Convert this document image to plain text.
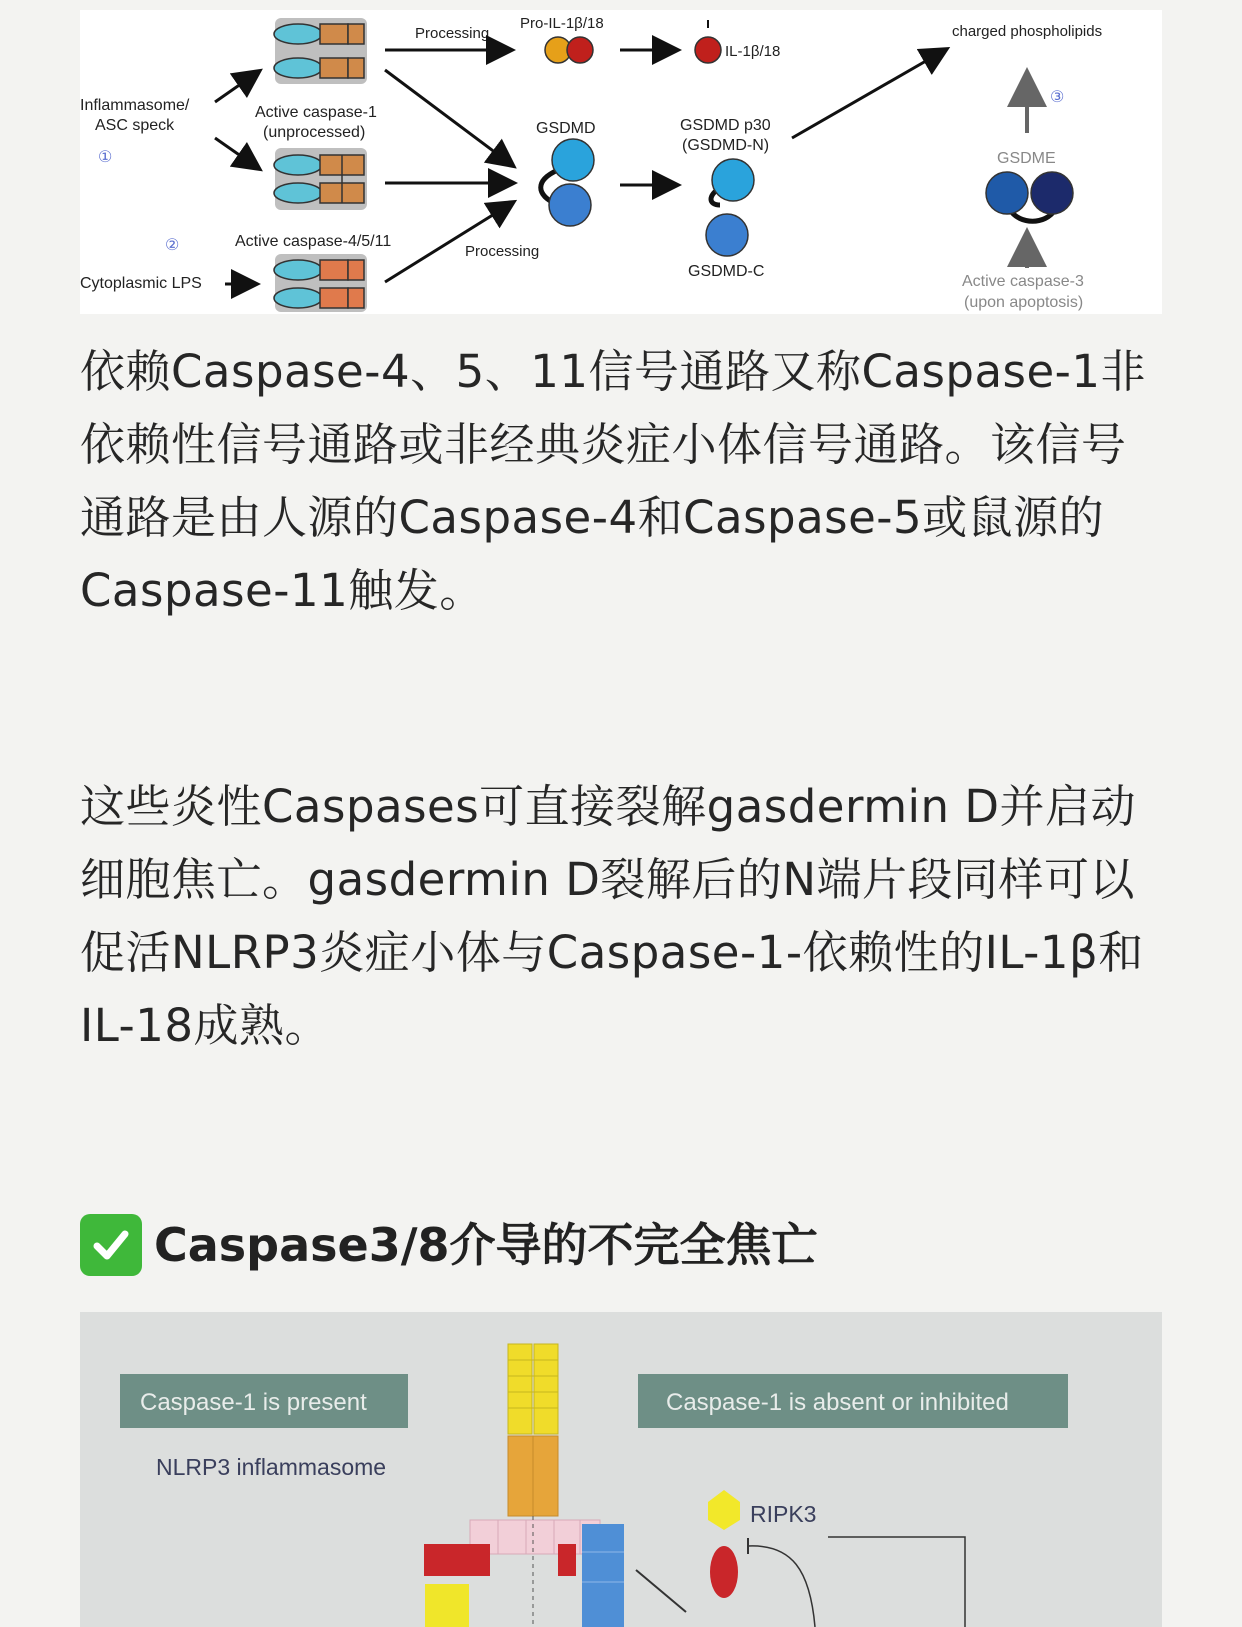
Inflammasome/
ASC speck
①
②
Cytoplasmic LPS
Active caspase-1
(unprocessed)
Active caspase-4/5/11
Processing
Processing
Pro-IL-1β/18
IL-1β/18
GSDMD	GSDMD p30
(GSDMD-N)
GSDMD-C
charged phospholipids
③
GSDME
Active caspase-3
(upon apoptosis)

依赖Caspase-4、5、11信号通路又称Caspase-1非依赖性信号通路或非经典炎症小体信号通路。该信号通路是由人源的Caspase-4和Caspase-5或鼠源的Caspase-11触发。

这些炎性Caspases可直接裂解gasdermin D并启动细胞焦亡。gasdermin D裂解后的N端片段同样可以促活NLRP3炎症小体与Caspase-1-依赖性的IL-1β和IL-18成熟。

Caspase3/8介导的不完全焦亡
Caspase-1 is present	Caspase-1 is absent or inhibited
NLRP3 inflammasome
RIPK3
